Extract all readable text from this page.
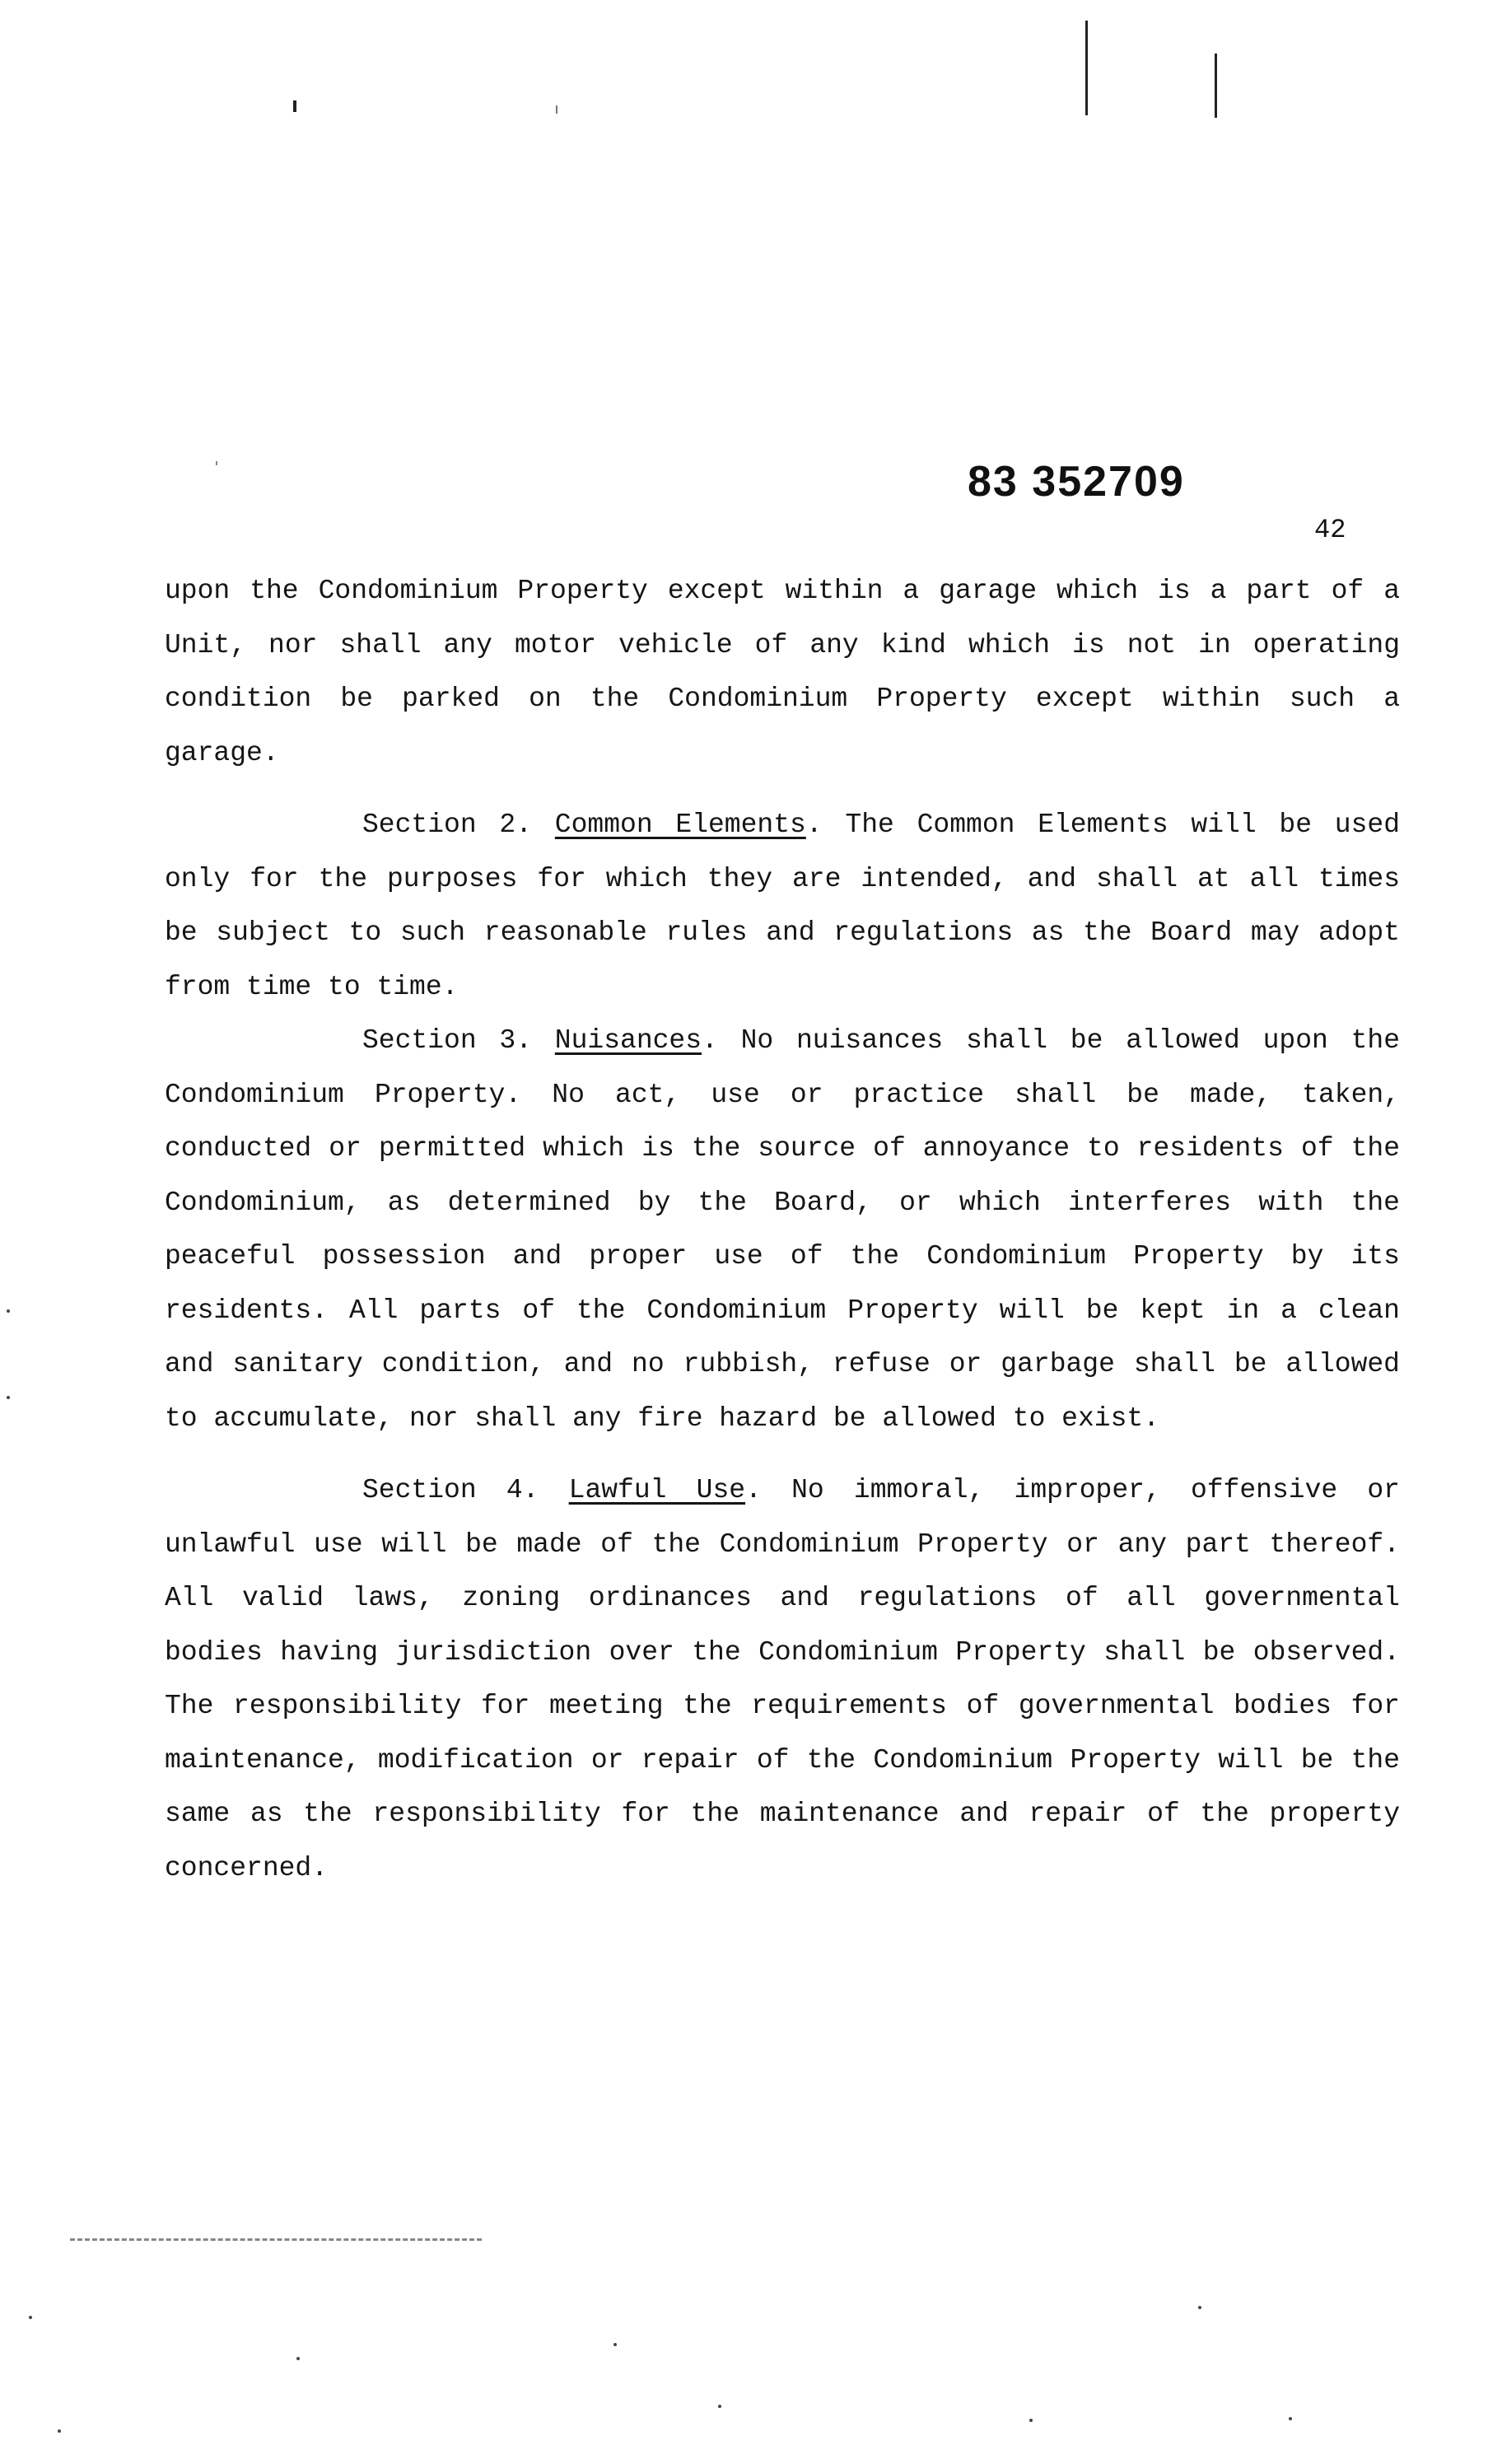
83 352709
42

upon the Condominium Property except within a garage which is a part of a Unit, nor shall any motor vehicle of any kind which is not in operating condition be parked on the Condominium Property except within such a garage.

Section 2. Common Elements. The Common Elements will be used only for the purposes for which they are intended, and shall at all times be subject to such reasonable rules and regulations as the Board may adopt from time to time.

Section 3. Nuisances. No nuisances shall be allowed upon the Condominium Property. No act, use or practice shall be made, taken, conducted or permitted which is the source of annoyance to residents of the Condominium, as determined by the Board, or which interferes with the peaceful possession and proper use of the Condominium Property by its residents. All parts of the Condominium Property will be kept in a clean and sanitary condition, and no rubbish, refuse or garbage shall be allowed to accumulate, nor shall any fire hazard be allowed to exist.

Section 4. Lawful Use. No immoral, improper, offensive or unlawful use will be made of the Condominium Property or any part thereof. All valid laws, zoning ordinances and regulations of all governmental bodies having jurisdiction over the Condominium Property shall be observed. The responsibility for meeting the requirements of governmental bodies for maintenance, modification or repair of the Condominium Property will be the same as the responsibility for the maintenance and repair of the property concerned.
